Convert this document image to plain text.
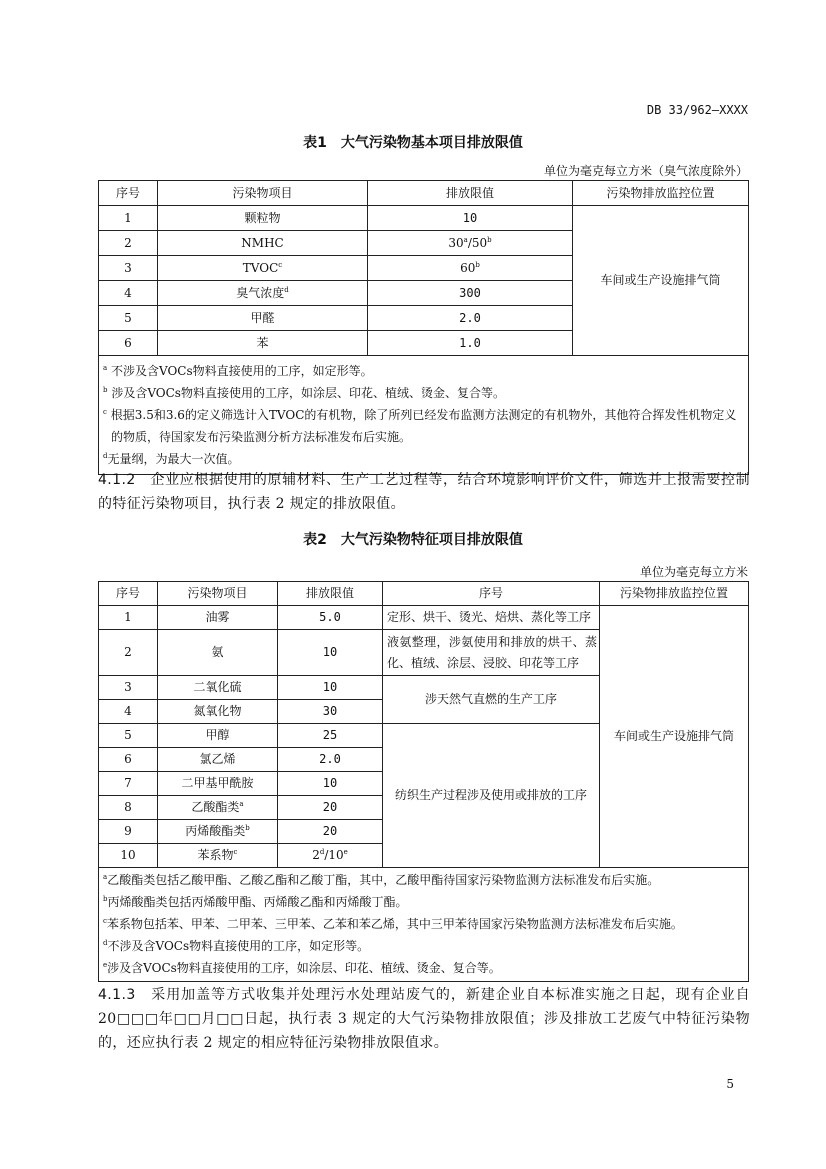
DB 33/962—XXXX
表1　大气污染物基本项目排放限值
单位为毫克每立方米（臭气浓度除外）
序号	污染物项目	排放限值	污染物排放监控位置
1	颗粒物	10	车间或生产设施排气筒
2	NMHC	30$^a$/50$^b$
3	TVOC$^c$	60$^b$
4	臭气浓度$^d$	300	
5	甲醛	2.0	
6	苯	1.0	

$^a$ 不涉及含VOCs物料直接使用的工序，如定形等。

$^b$ 涉及含VOCs物料直接使用的工序，如涂层、印花、植绒、烫金、复合等。

$^c$ 根据3.5和3.6的定义筛选计入TVOC的有机物，除了所列已经发布监测方法测定的有机物外，其他符合挥发性机物定义

的物质，待国家发布污染监测分析方法标准发布后实施。

$^d$无量纲，为最大一次值。			

4.1.2　 企业应根据使用的原辅材料、生产工艺过程等，结合环境影响评价文件，筛选并上报需要控制的特征污染物项目，执行表 2 规定的排放限值。
表2　大气污染物特征项目排放限值
单位为毫克每立方米
序号	污染物项目	排放限值	序号	污染物排放监控位置
1	油雾	5.0	定形、烘干、烫光、焙烘、蒸化等工序	车间或生产设施排气筒
2	氨	10	液氨整理，涉氨使用和排放的烘干、蒸化、植绒、涂层、浸胶、印花等工序	
3	二氧化硫	10	涉天然气直燃的生产工序	
4	氮氧化物	30		
5	甲醇	25	纺织生产过程涉及使用或排放的工序	
6	氯乙烯	2.0		
7	二甲基甲酰胺	10		
8	乙酸酯类$^a$	20		
9	丙烯酸酯类$^b$	20		
10	苯系物$^c$	2$^d$/10e

$^a$乙酸酯类包括乙酸甲酯、乙酸乙酯和乙酸丁酯，其中，乙酸甲酯待国家污染物监测方法标准发布后实施。

$^b$丙烯酸酯类包括丙烯酸甲酯、丙烯酸乙酯和丙烯酸丁酯。

$^c$苯系物包括苯、甲苯、二甲苯、三甲苯、乙苯和苯乙烯，其中三甲苯待国家污染物监测方法标准发布后实施。

$^d$不涉及含VOCs物料直接使用的工序，如定形等。

$^e$涉及含VOCs物料直接使用的工序，如涂层、印花、植绒、烫金、复合等。				

4.1.3　 采用加盖等方式收集并处理污水处理站废气的，新建企业自本标准实施之日起，现有企业自 20□□□年□□月□□日起，执行表 3 规定的大气污染物排放限值；涉及排放工艺废气中特征污染物的，还应执行表 2 规定的相应特征污染物排放限值求。
5
